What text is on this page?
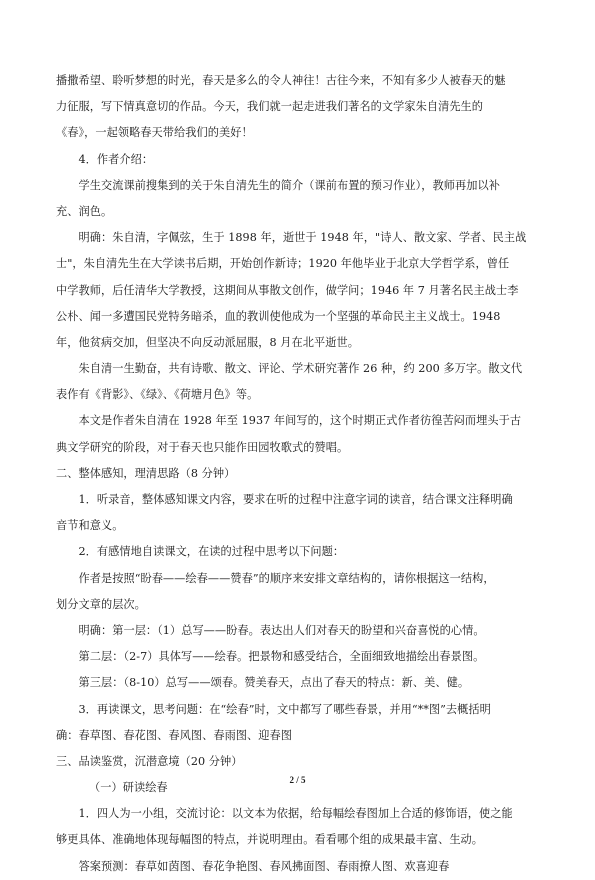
播撒希望、聆听梦想的时光，春天是多么的令人神往！古往今来，不知有多少人被春天的魅
力征服，写下情真意切的作品。今天，我们就一起走进我们著名的文学家朱自清先生的
《春》，一起领略春天带给我们的美好！
4．作者介绍：
学生交流课前搜集到的关于朱自清先生的简介（课前布置的预习作业），教师再加以补
充、润色。
明确：朱自清，字佩弦，生于 1898 年，逝世于 1948 年，"诗人、散文家、学者、民主战
士"，朱自清先生在大学读书后期，开始创作新诗；1920 年他毕业于北京大学哲学系，曾任
中学教师，后任清华大学教授，这期间从事散文创作，做学问；1946 年 7 月著名民主战士李
公朴、闻一多遭国民党特务暗杀，血的教训使他成为一个坚强的革命民主主义战士。1948
年，他贫病交加，但坚决不向反动派屈服，8 月在北平逝世。
朱自清一生勤奋，共有诗歌、散文、评论、学术研究著作 26 种，约 200 多万字。散文代
表作有《背影》、《绿》、《荷塘月色》等。
本文是作者朱自清在 1928 年至 1937 年间写的，这个时期正式作者彷徨苦闷而埋头于古
典文学研究的阶段，对于春天也只能作田园牧歌式的赞唱。
二、整体感知，理清思路（8 分钟）
1．听录音，整体感知课文内容，要求在听的过程中注意字词的读音，结合课文注释明确
音节和意义。
2．有感情地自读课文，在读的过程中思考以下问题：
作者是按照“盼春——绘春——赞春”的顺序来安排文章结构的，请你根据这一结构，
划分文章的层次。
明确：第一层：（1）总写——盼春。表达出人们对春天的盼望和兴奋喜悦的心情。
第二层：（2-7）具体写——绘春。把景物和感受结合，全面细致地描绘出春景图。
第三层：（8-10）总写——颂春。赞美春天，点出了春天的特点：新、美、健。
3．再读课文，思考问题：在“绘春”时，文中都写了哪些春景，并用“**图”去概括明
确：春草图、春花图、春风图、春雨图、迎春图
三、品读鉴赏，沉潜意境（20 分钟）
（一）研读绘春
1．四人为一小组，交流讨论：以文本为依据，给每幅绘春图加上合适的修饰语，使之能
够更具体、准确地体现每幅图的特点，并说明理由。看看哪个组的成果最丰富、生动。
答案预测：春草如茵图、春花争艳图、春风拂面图、春雨撩人图、欢喜迎春
2 / 5
